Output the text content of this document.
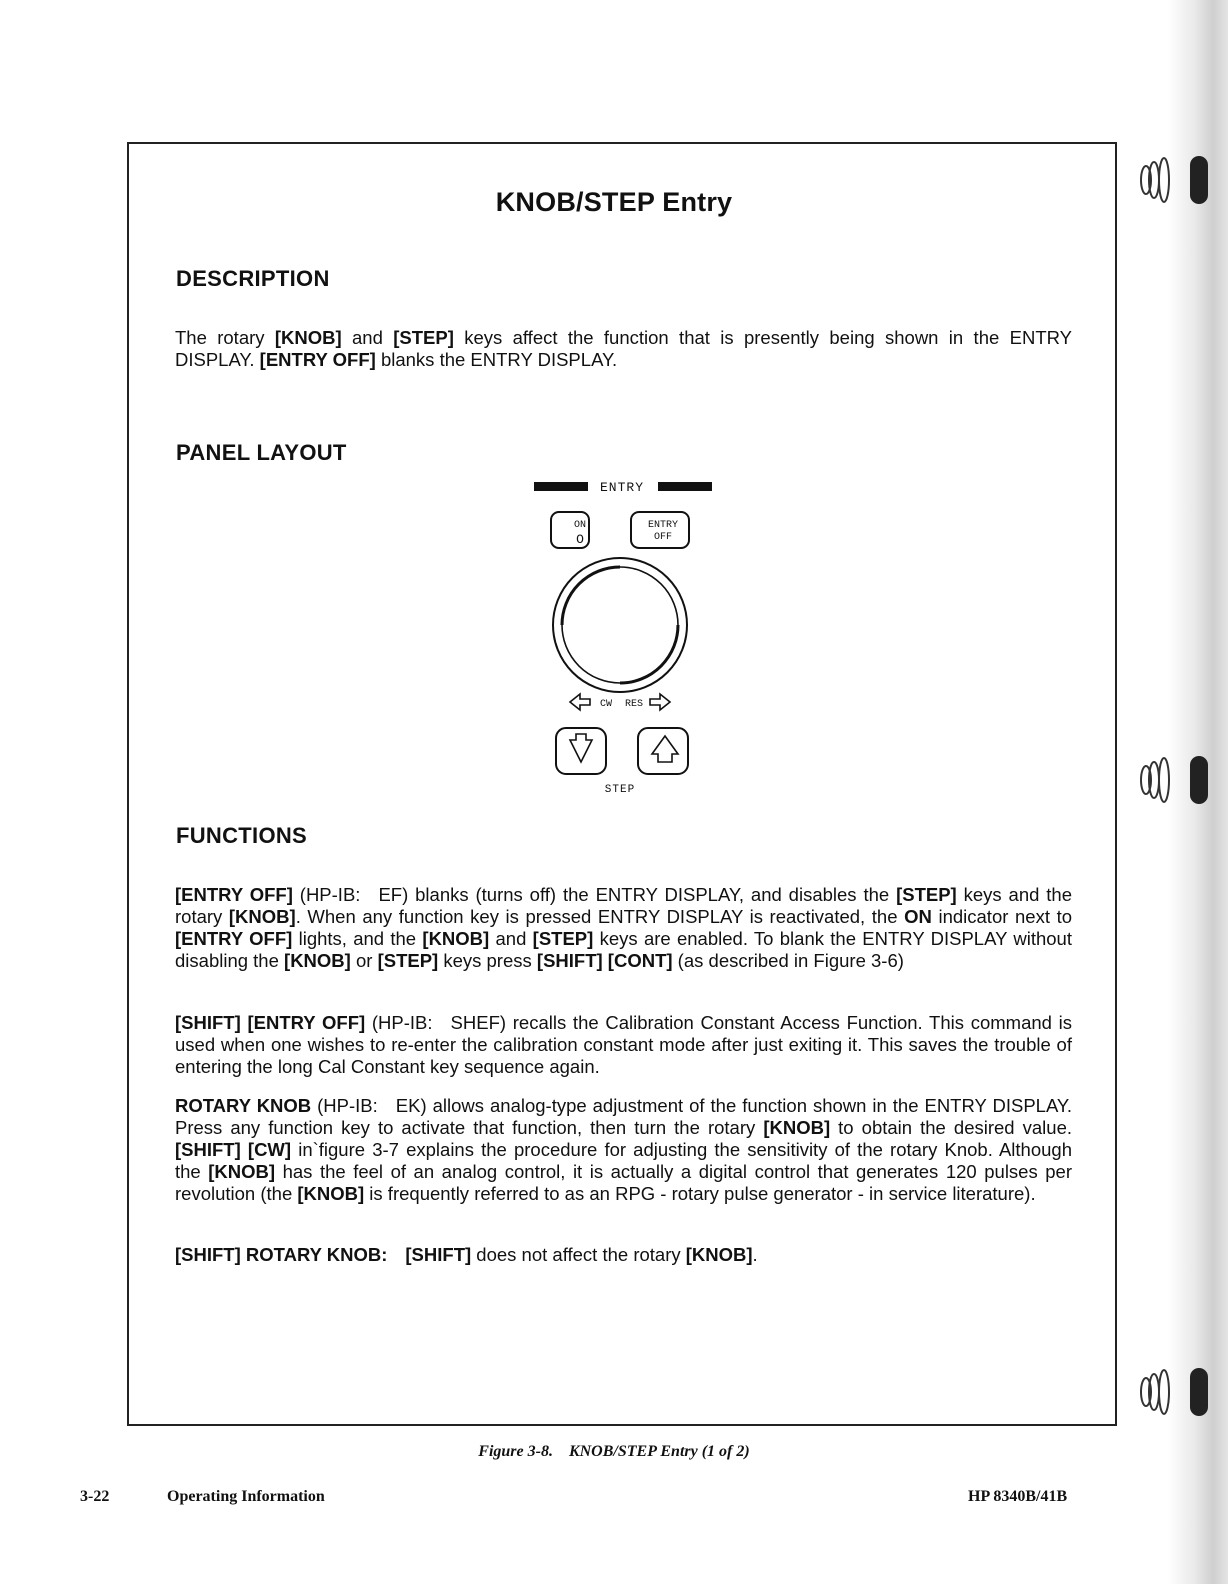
KNOB/STEP Entry
DESCRIPTION
The rotary [KNOB] and [STEP] keys affect the function that is presently being shown in the ENTRY DISPLAY. [ENTRY OFF] blanks the ENTRY DISPLAY.
PANEL LAYOUT
ENTRY
ON
O
ENTRY
OFF
CW RES
STEP
FUNCTIONS
[ENTRY OFF] (HP-IB: EF) blanks (turns off) the ENTRY DISPLAY, and disables the [STEP] keys and the rotary [KNOB]. When any function key is pressed ENTRY DISPLAY is reactivated, the ON indicator next to [ENTRY OFF] lights, and the [KNOB] and [STEP] keys are enabled. To blank the ENTRY DISPLAY without disabling the [KNOB] or [STEP] keys press [SHIFT] [CONT] (as described in Figure 3-6)
[SHIFT] [ENTRY OFF] (HP-IB: SHEF) recalls the Calibration Constant Access Function. This command is used when one wishes to re-enter the calibration constant mode after just exiting it. This saves the trouble of entering the long Cal Constant key sequence again.
ROTARY KNOB (HP-IB: EK) allows analog-type adjustment of the function shown in the ENTRY DISPLAY. Press any function key to activate that function, then turn the rotary [KNOB] to obtain the desired value. [SHIFT] [CW] in`figure 3-7 explains the procedure for adjusting the sensitivity of the rotary Knob. Although the [KNOB] has the feel of an analog control, it is actually a digital control that generates 120 pulses per revolution (the [KNOB] is frequently referred to as an RPG - rotary pulse generator - in service literature).
[SHIFT] ROTARY KNOB: [SHIFT] does not affect the rotary [KNOB].
Figure 3-8.    KNOB/STEP Entry (1 of 2)
3-22	Operating Information	HP 8340B/41B
